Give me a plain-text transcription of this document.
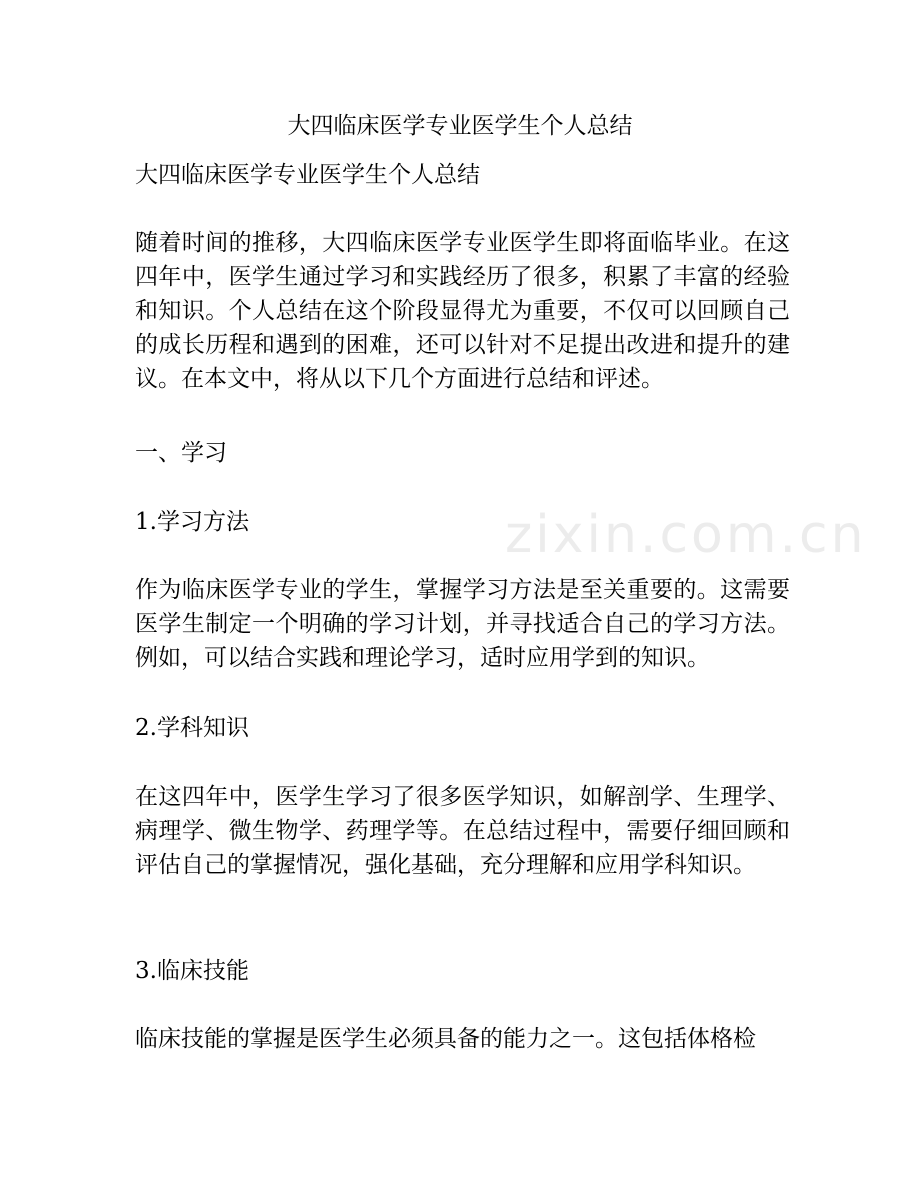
zixin.com.cn
大四临床医学专业医学生个人总结
大四临床医学专业医学生个人总结
随着时间的推移，大四临床医学专业医学生即将面临毕业。在这四年中，医学生通过学习和实践经历了很多，积累了丰富的经验和知识。个人总结在这个阶段显得尤为重要，不仅可以回顾自己的成长历程和遇到的困难，还可以针对不足提出改进和提升的建议。在本文中，将从以下几个方面进行总结和评述。
一、学习
1.学习方法
作为临床医学专业的学生，掌握学习方法是至关重要的。这需要医学生制定一个明确的学习计划，并寻找适合自己的学习方法。例如，可以结合实践和理论学习，适时应用学到的知识。
2.学科知识
在这四年中，医学生学习了很多医学知识，如解剖学、生理学、病理学、微生物学、药理学等。在总结过程中，需要仔细回顾和评估自己的掌握情况，强化基础，充分理解和应用学科知识。
3.临床技能
临床技能的掌握是医学生必须具备的能力之一。这包括体格检
